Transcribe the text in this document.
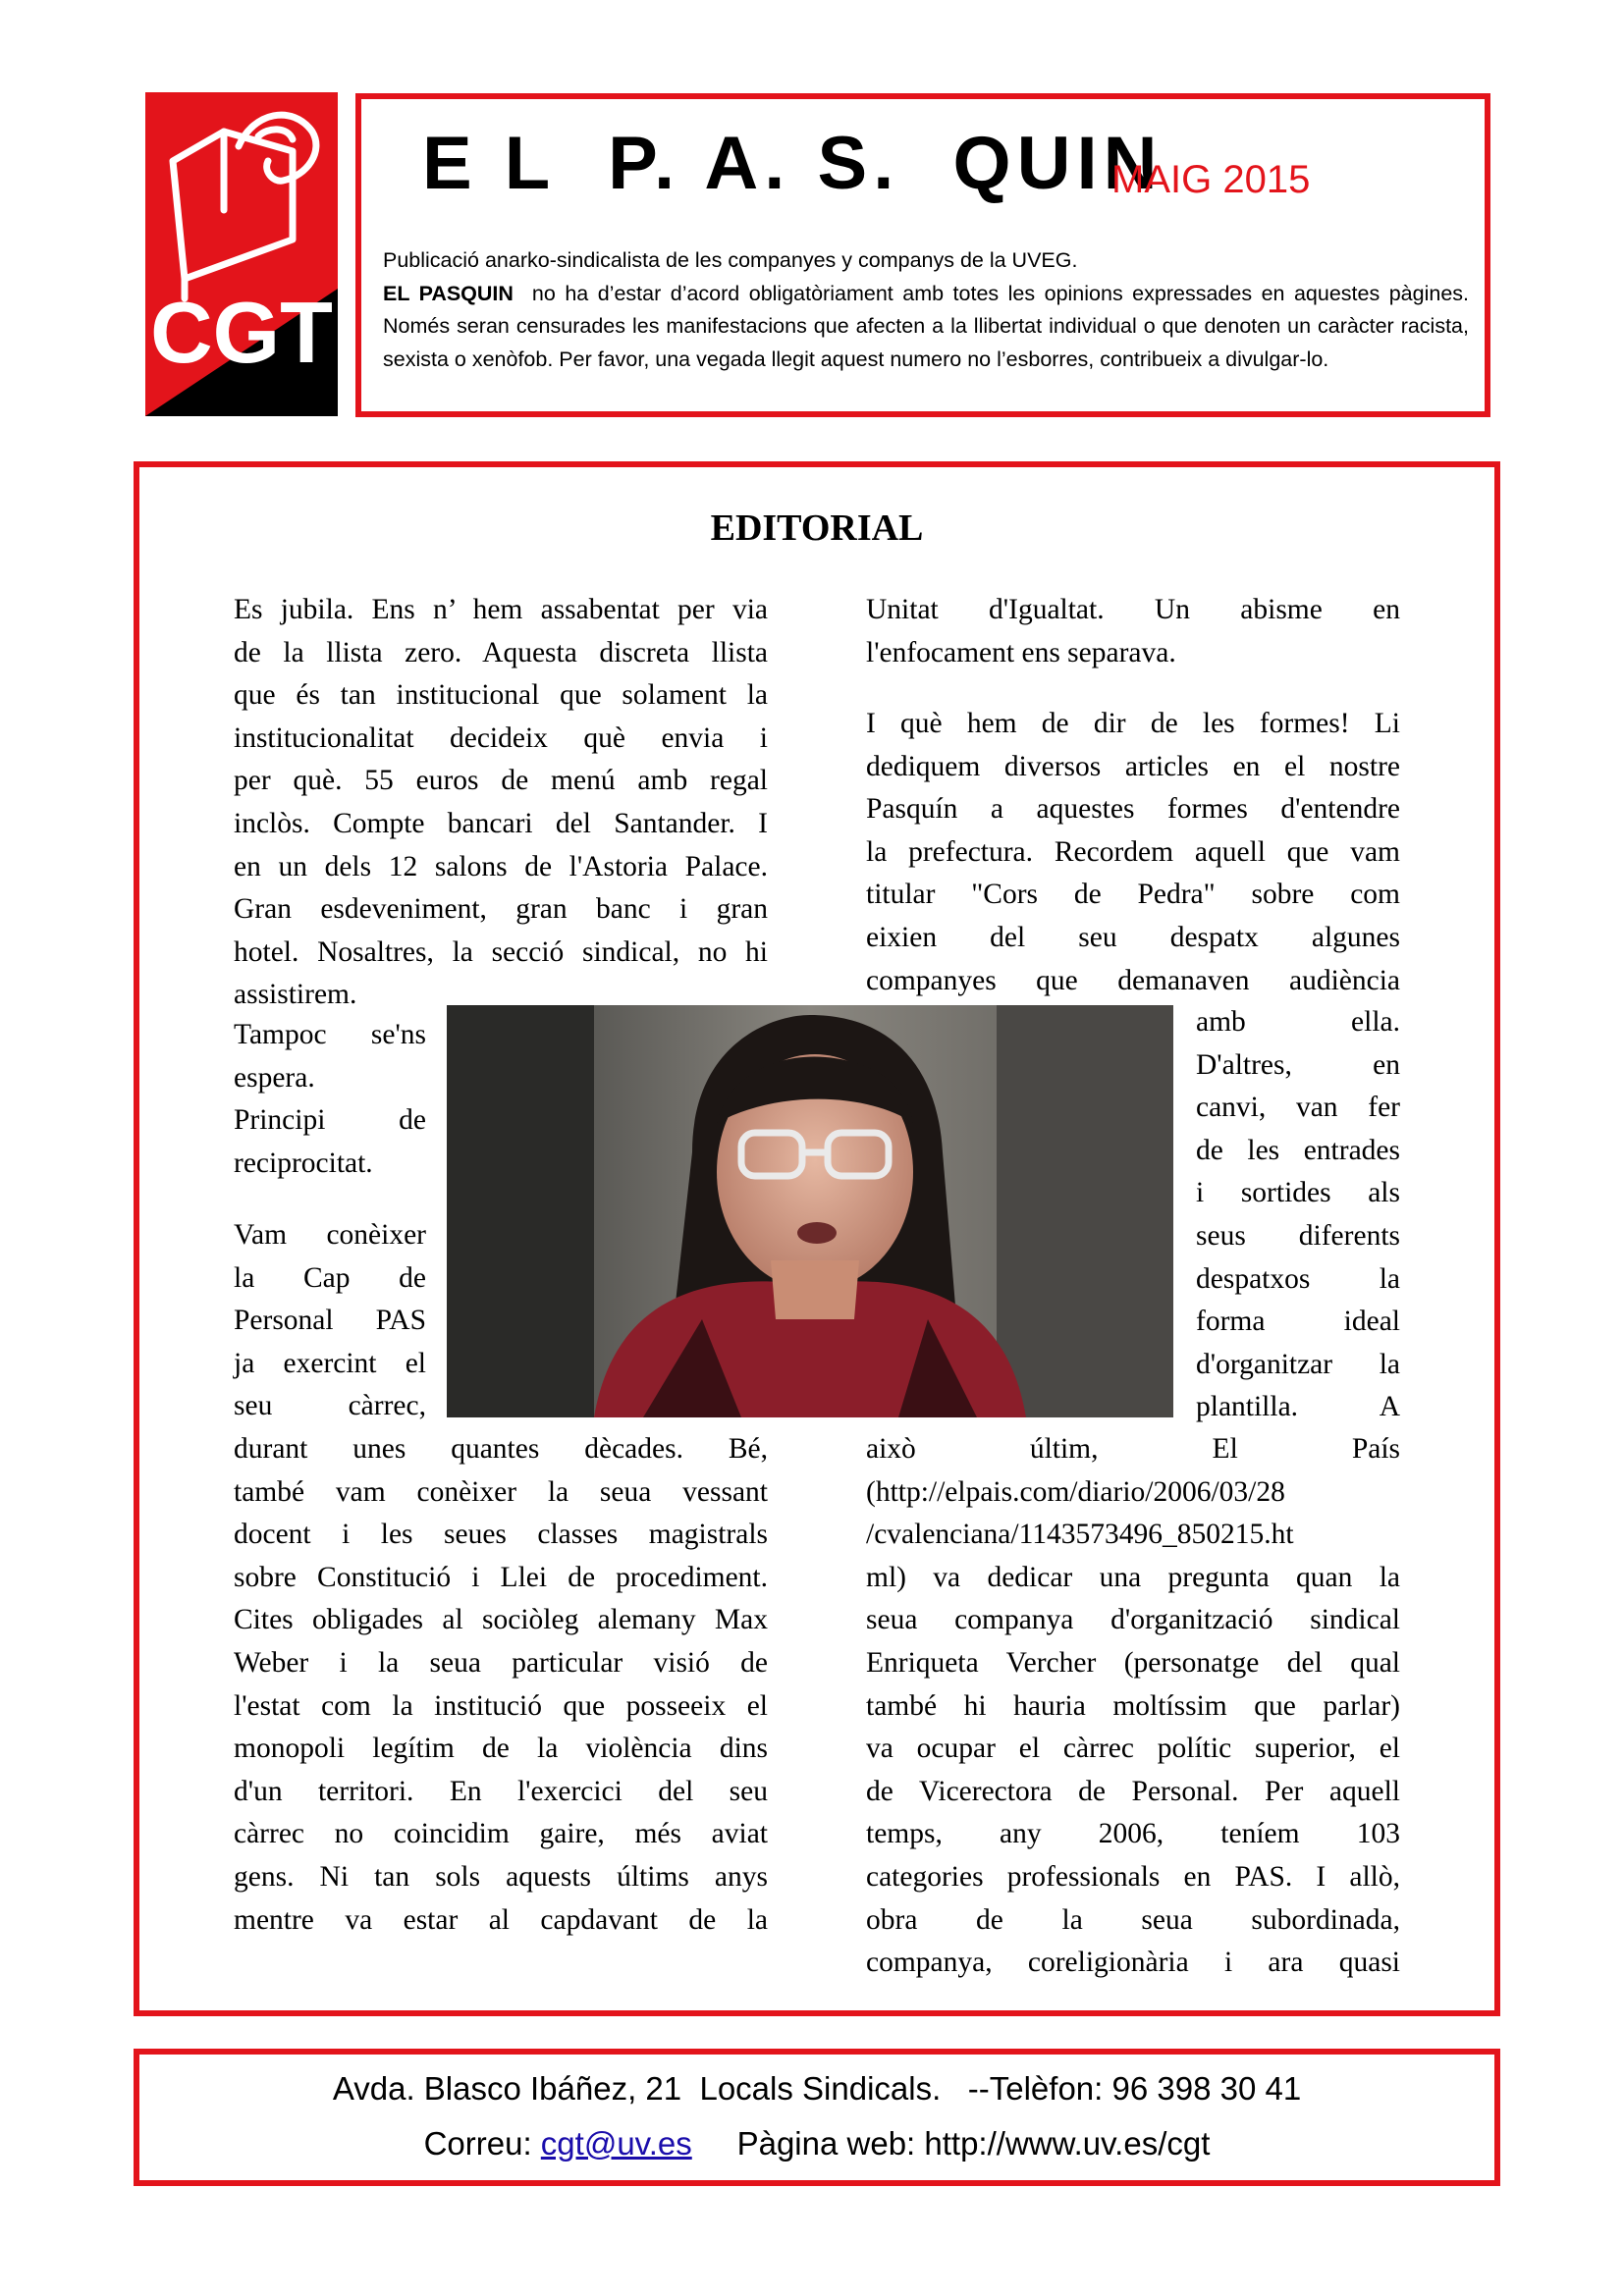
CGT
E L  P. A. S.  QUIN
MAIG 2015

Publicació anarko-sindicalista de les companyes y companys de la UVEG.

EL PASQUIN no ha d’estar d’acord obligatòriament amb totes les opinions expressades en aquestes pàgines. Només seran censurades les manifestacions que afecten a la llibertat individual o que denoten un caràcter racista, sexista o xenòfob. Per favor, una vegada llegit aquest numero no l’esborres, contribueix a divulgar-lo.

EDITORIAL
Es jubila. Ens n’ hem assabentat per via
de la llista zero. Aquesta discreta llista
que és tan institucional que solament la
institucionalitat decideix què envia i
per què. 55 euros de menú amb regal
inclòs. Compte bancari del Santander. I
en un dels 12 salons de l'Astoria Palace.
Gran esdeveniment, gran banc i gran
hotel. Nosaltres, la secció sindical, no hi
assistirem.
Tampoc se'ns
espera.
Principi de
reciprocitat.
Vam conèixer
la Cap de
Personal PAS
ja exercint el
seu càrrec,
durant unes quantes dècades. Bé,
també vam conèixer la seua vessant
docent i les seues classes magistrals
sobre Constitució i Llei de procediment.
Cites obligades al sociòleg alemany Max
Weber i la seua particular visió de
l'estat com la institució que posseeix el
monopoli legítim de la violència dins
d'un territori. En l'exercici del seu
càrrec no coincidim gaire, més aviat
gens. Ni tan sols aquests últims anys
mentre va estar al capdavant de la
Unitat d'Igualtat. Un abisme en
l'enfocament ens separava.
I què hem de dir de les formes! Li
dediquem diversos articles en el nostre
Pasquín a aquestes formes d'entendre
la prefectura. Recordem aquell que vam
titular "Cors de Pedra" sobre com
eixien del seu despatx algunes
companyes que demanaven audiència
amb ella.
D'altres, en
canvi, van fer
de les entrades
i sortides als
seus diferents
despatxos la
forma ideal
d'organitzar la
plantilla. A
això últim, El País
(http://elpais.com/diario/2006/03/28
/cvalenciana/1143573496_850215.ht
ml) va dedicar una pregunta quan la
seua companya d'organització sindical
Enriqueta Vercher (personatge del qual
també hi hauria moltíssim que parlar)
va ocupar el càrrec polític superior, el
de Vicerectora de Personal. Per aquell
temps, any 2006, teníem 103
categories professionals en PAS. I allò,
obra de la seua subordinada,
companya, coreligionària i ara quasi
Avda. Blasco Ibáñez, 21  Locals Sindicals.   --Telèfon: 96 398 30 41
Correu: cgt@uv.es     Pàgina web: http://www.uv.es/cgt
